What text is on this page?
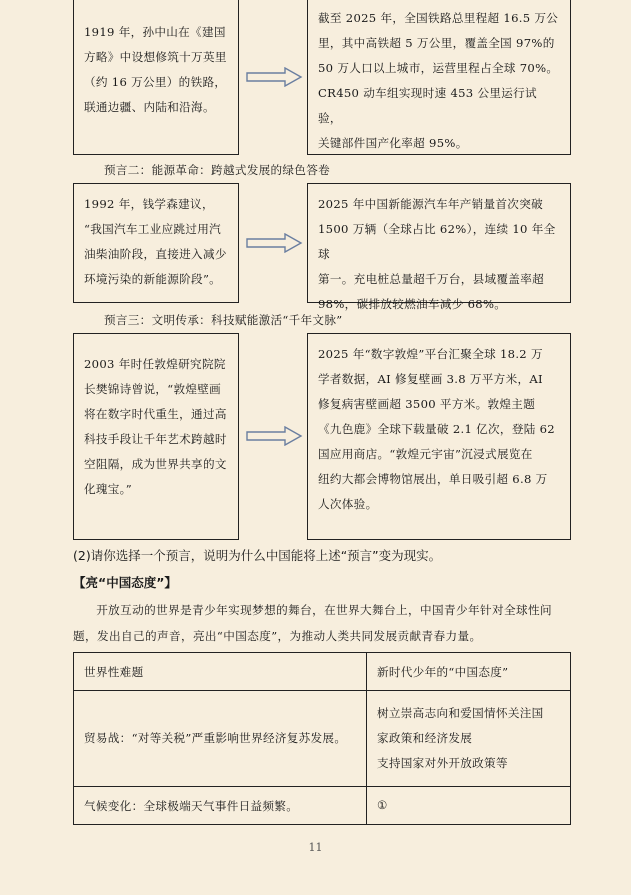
1919 年，孙中山在《建国
方略》中设想修筑十万英里
（约 16 万公里）的铁路，
联通边疆、内陆和沿海。
截至 2025 年，全国铁路总里程超 16.5 万公
里，其中高铁超 5 万公里，覆盖全国 97%的
50 万人口以上城市，运营里程占全球 70%。
CR450 动车组实现时速 453 公里运行试验，
关键部件国产化率超 95%。
预言二：能源革命：跨越式发展的绿色答卷
1992 年，钱学森建议，
“我国汽车工业应跳过用汽
油柴油阶段，直接进入减少
环境污染的新能源阶段”。
2025 年中国新能源汽车年产销量首次突破
1500 万辆（全球占比 62%），连续 10 年全球
第一。充电桩总量超千万台，县域覆盖率超
98%，碳排放较燃油车减少 68%。
预言三：文明传承：科技赋能激活“千年文脉”
2003 年时任敦煌研究院院
长樊锦诗曾说，“敦煌壁画
将在数字时代重生，通过高
科技手段让千年艺术跨越时
空阻隔，成为世界共享的文
化瑰宝。”
2025 年“数字敦煌”平台汇聚全球 18.2 万
学者数据，AI 修复壁画 3.8 万平方米，AI
修复病害壁画超 3500 平方米。敦煌主题
《九色鹿》全球下载量破 2.1 亿次，登陆 62
国应用商店。“敦煌元宇宙”沉浸式展览在
纽约大都会博物馆展出，单日吸引超 6.8 万
人次体验。
(2)请你选择一个预言，说明为什么中国能将上述“预言”变为现实。
【亮“中国态度”】
开放互动的世界是青少年实现梦想的舞台，在世界大舞台上，中国青少年针对全球性问题，发出自己的声音，亮出“中国态度”，为推动人类共同发展贡献青春力量。
世界性难题	新时代少年的“中国态度”
贸易战：“对等关税”严重影响世界经济复苏发展。	树立崇高志向和爱国情怀关注国
家政策和经济发展
支持国家对外开放政策等

气候变化：全球极端天气事件日益频繁。	①
11
